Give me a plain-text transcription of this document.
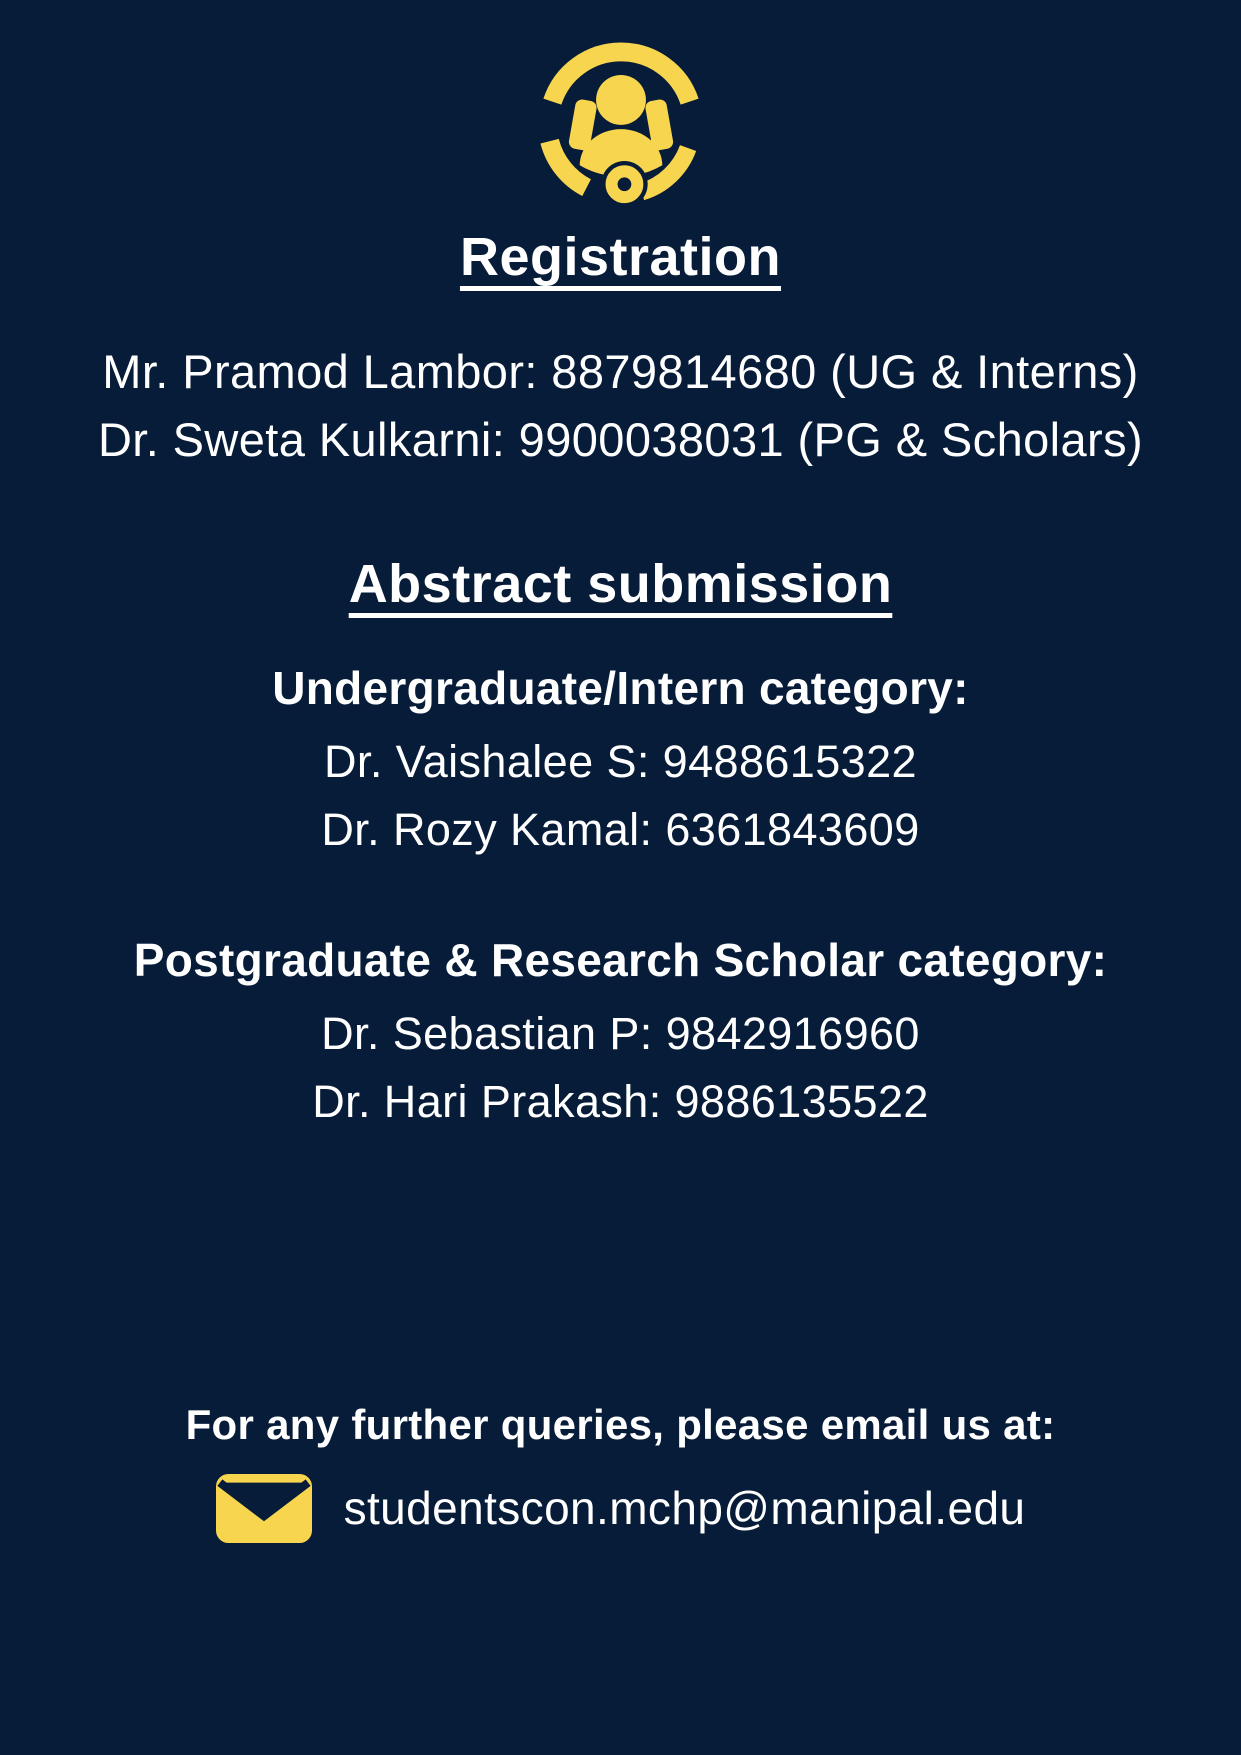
Registration
Mr. Pramod Lambor: 8879814680 (UG & Interns)
Dr. Sweta Kulkarni: 9900038031 (PG & Scholars)
Abstract submission
Undergraduate/Intern category:
Dr. Vaishalee S: 9488615322
Dr. Rozy Kamal: 6361843609
Postgraduate & Research Scholar category:
Dr. Sebastian P: 9842916960
Dr. Hari Prakash: 9886135522
For any further queries, please email us at:
studentscon.mchp@manipal.edu
